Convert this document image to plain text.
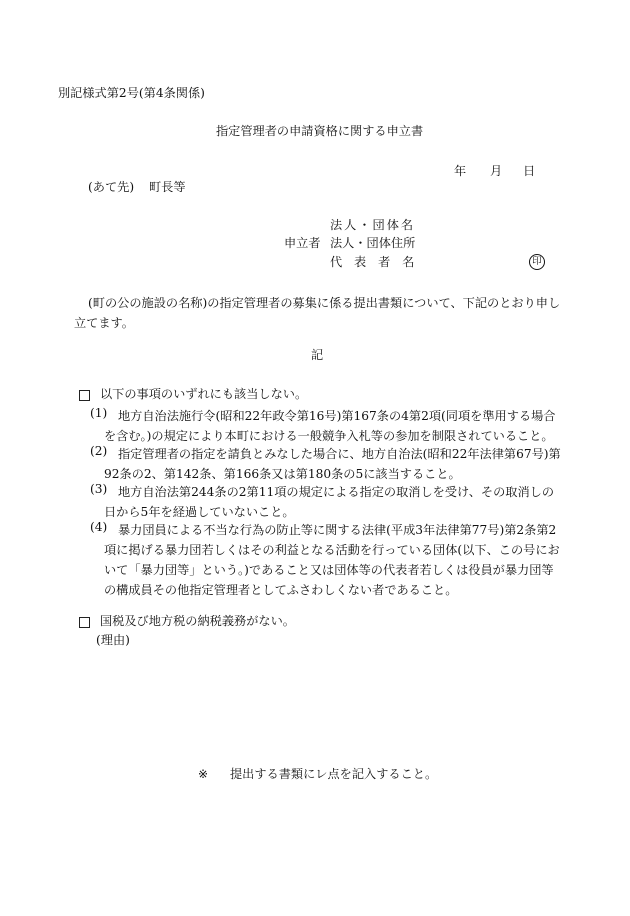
別記様式第2号(第4条関係)
指定管理者の申請資格に関する申立書
年 月 日
(あて先) 町長等
法人・団体名
申立者 法人・団体住所
代 表 者 名	印
(町の公の施設の名称)の指定管理者の募集に係る提出書類について、下記のとおり申し立てます。
記
以下の事項のいずれにも該当しない。
(1) 地方自治法施行令(昭和22年政令第16号)第167条の4第2項(同項を準用する場合を含む。)の規定により本町における一般競争入札等の参加を制限されていること。
(2) 指定管理者の指定を請負とみなした場合に、地方自治法(昭和22年法律第67号)第92条の2、第142条、第166条又は第180条の5に該当すること。
(3) 地方自治法第244条の2第11項の規定による指定の取消しを受け、その取消しの日から5年を経過していないこと。
(4) 暴力団員による不当な行為の防止等に関する法律(平成3年法律第77号)第2条第2項に掲げる暴力団若しくはその利益となる活動を行っている団体(以下、この号において「暴力団等」という。)であること又は団体等の代表者若しくは役員が暴力団等の構成員その他指定管理者としてふさわしくない者であること。
国税及び地方税の納税義務がない。
(理由)
※ 提出する書類にレ点を記入すること。
